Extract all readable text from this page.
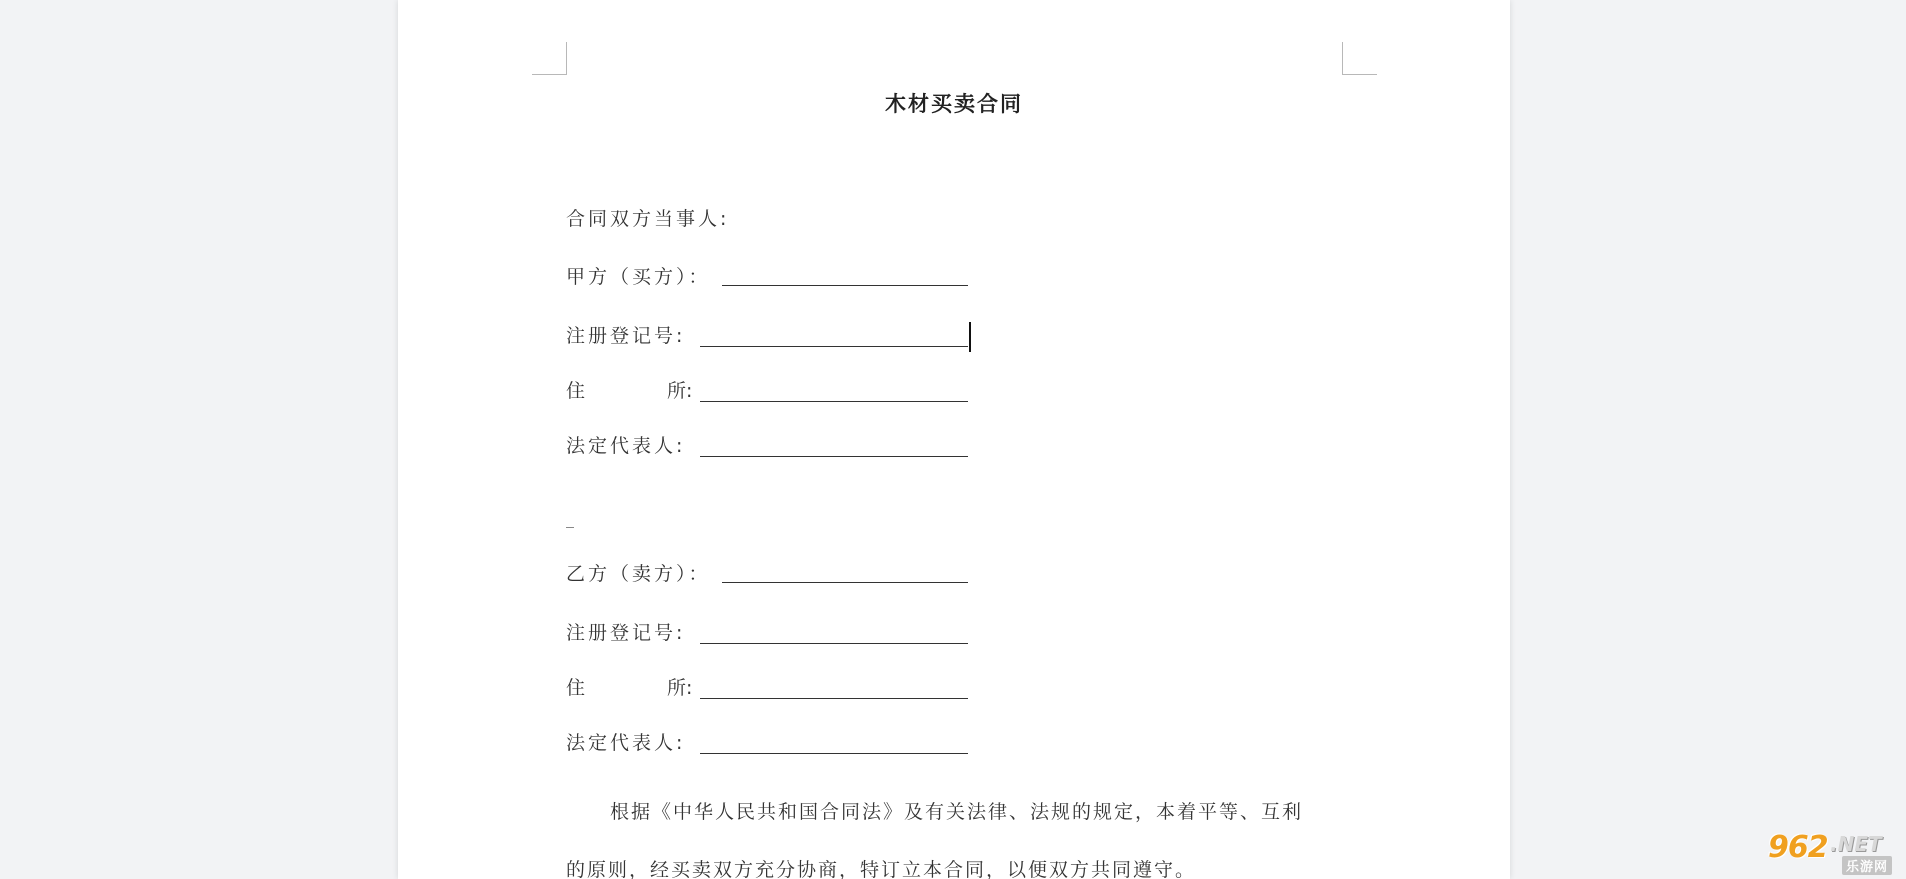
木材买卖合同
合同双方当事人:
甲方（买方）：
注册登记号:
住	所 :
法定代表人:
乙方（卖方）：
注册登记号:
住	所 :
法定代表人:
根据《中华人民共和国合同法》及有关法律、法规的规定，本着平等、互利
的原则，经买卖双方充分协商，特订立本合同，以便双方共同遵守。
962 .NET
乐游网
